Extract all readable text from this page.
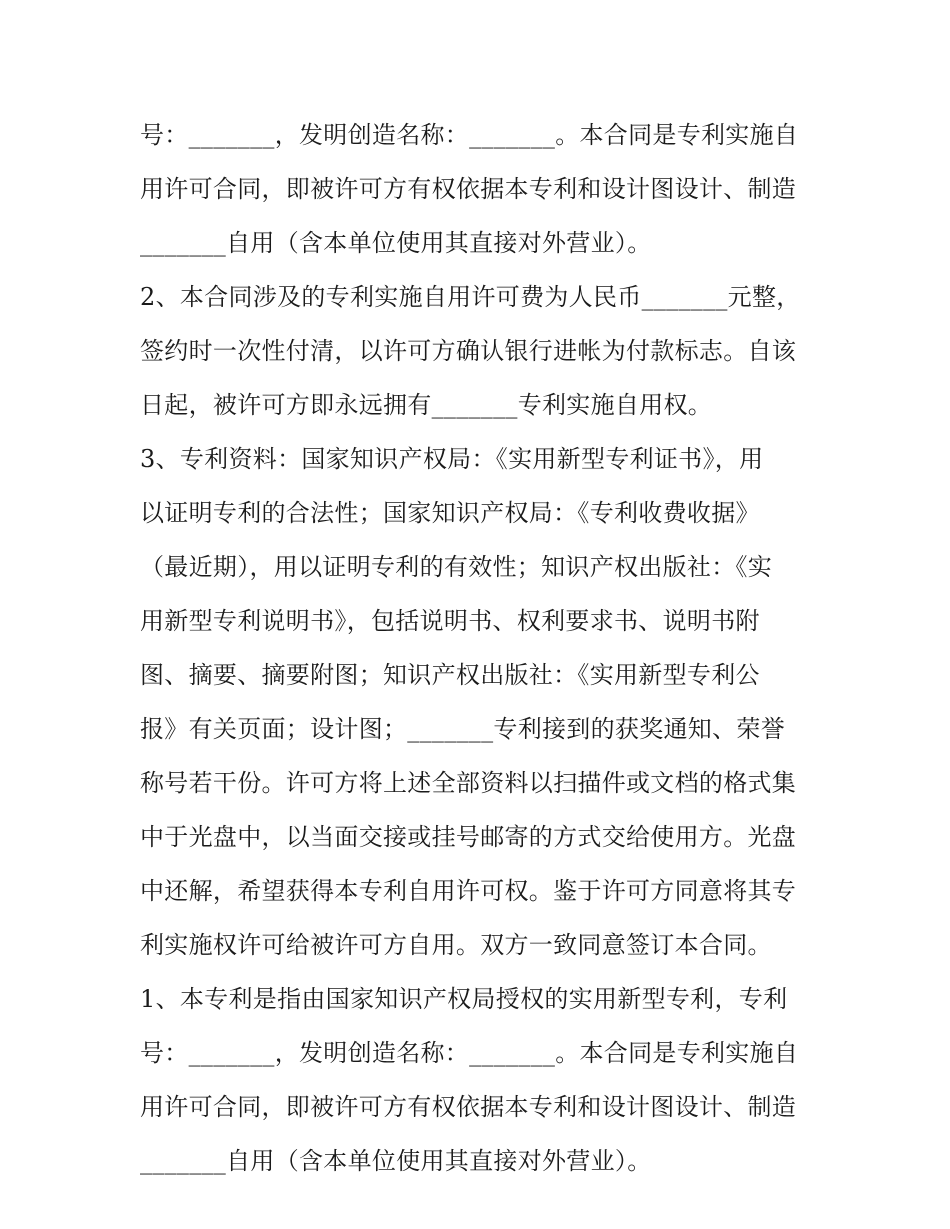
号：_______，发明创造名称：_______。本合同是专利实施自
用许可合同，即被许可方有权依据本专利和设计图设计、制造
_______自用（含本单位使用其直接对外营业）。
2、本合同涉及的专利实施自用许可费为人民币_______元整，
签约时一次性付清，以许可方确认银行进帐为付款标志。自该
日起，被许可方即永远拥有_______专利实施自用权。
3、专利资料：国家知识产权局：《实用新型专利证书》，用
以证明专利的合法性；国家知识产权局：《专利收费收据》
（最近期），用以证明专利的有效性；知识产权出版社：《实
用新型专利说明书》，包括说明书、权利要求书、说明书附
图、摘要、摘要附图；知识产权出版社：《实用新型专利公
报》有关页面；设计图；_______专利接到的获奖通知、荣誉
称号若干份。许可方将上述全部资料以扫描件或文档的格式集
中于光盘中，以当面交接或挂号邮寄的方式交给使用方。光盘
中还解，希望获得本专利自用许可权。鉴于许可方同意将其专
利实施权许可给被许可方自用。双方一致同意签订本合同。
1、本专利是指由国家知识产权局授权的实用新型专利，专利
号：_______，发明创造名称：_______。本合同是专利实施自
用许可合同，即被许可方有权依据本专利和设计图设计、制造
_______自用（含本单位使用其直接对外营业）。
